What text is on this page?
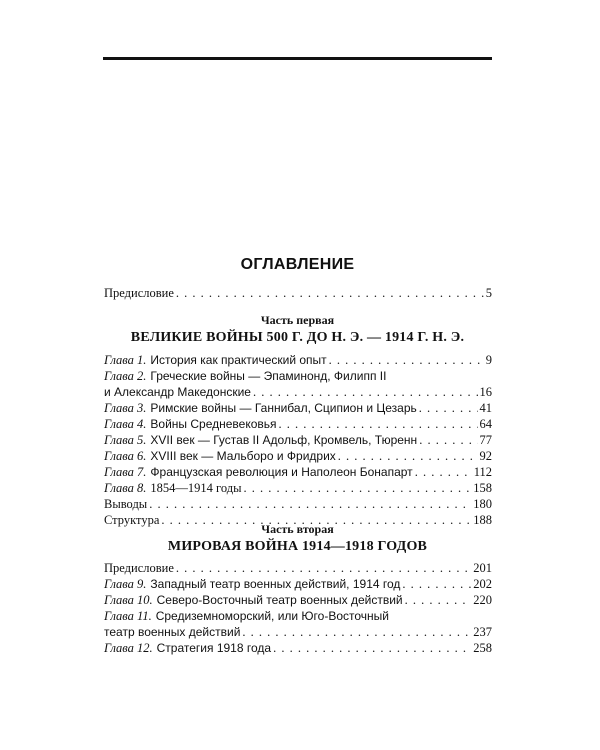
ОГЛАВЛЕНИЕ
Предисловие . . .	5
Часть первая
ВЕЛИКИЕ ВОЙНЫ 500 Г. ДО Н. Э. — 1914 Г. Н. Э.
Глава 1. История как практический опыт . . .	9
Глава 2. Греческие войны — Эпаминонд, Филипп II
и Александр Македонские . . .	16
Глава 3. Римские войны — Ганнибал, Сципион и Цезарь . . .	41
Глава 4. Войны Средневековья . . .	64
Глава 5. XVII век — Густав II Адольф, Кромвель, Тюренн . . .	77
Глава 6. XVIII век — Мальборо и Фридрих . . .	92
Глава 7. Французская революция и Наполеон Бонапарт . . .	112
Глава 8. 1854—1914 годы . . .	158
Выводы . . .	180
Структура . . .	188
Часть вторая
МИРОВАЯ ВОЙНА 1914—1918 ГОДОВ
Предисловие . . .	201
Глава 9. Западный театр военных действий, 1914 год . . .	202
Глава 10. Северо-Восточный театр военных действий . . .	220
Глава 11. Средиземноморский, или Юго-Восточный
театр военных действий . . .	237
Глава 12. Стратегия 1918 года . . .	258
